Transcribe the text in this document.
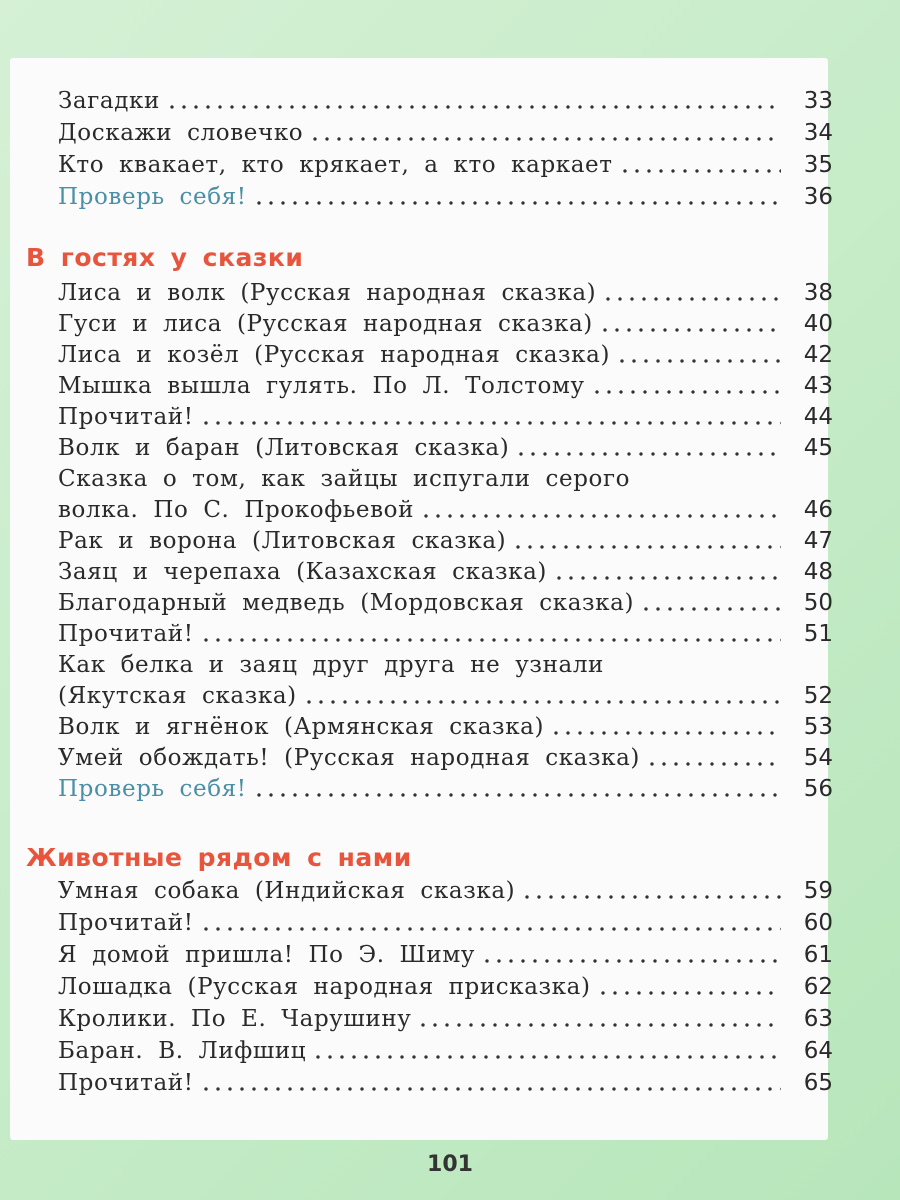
Загадки	33
Доскажи словечко	34
Кто квакает, кто крякает, а кто каркает	35
Проверь себя!	36
В гостях у сказки
Лиса и волк (Русская народная сказка)	38
Гуси и лиса (Русская народная сказка)	40
Лиса и козёл (Русская народная сказка)	42
Мышка вышла гулять. По Л. Толстому	43
Прочитай!	44
Волк и баран (Литовская сказка)	45
Сказка о том, как зайцы испугали серого
волка. По С. Прокофьевой	46
Рак и ворона (Литовская сказка)	47
Заяц и черепаха (Казахская сказка)	48
Благодарный медведь (Мордовская сказка)	50
Прочитай!	51
Как белка и заяц друг друга не узнали
(Якутская сказка)	52
Волк и ягнёнок (Армянская сказка)	53
Умей обождать! (Русская народная сказка)	54
Проверь себя!	56
Животные рядом с нами
Умная собака (Индийская сказка)	59
Прочитай!	60
Я домой пришла! По Э. Шиму	61
Лошадка (Русская народная присказка)	62
Кролики. По Е. Чарушину	63
Баран. В. Лифшиц	64
Прочитай!	65
101
